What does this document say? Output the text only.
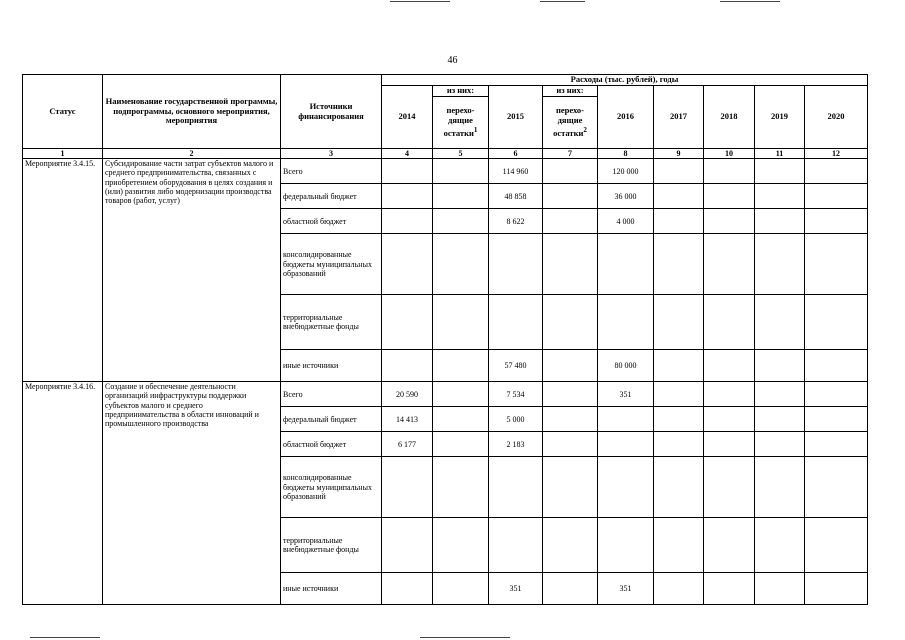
46
Статус	Наименование государственной программы, подпрограммы, основного мероприятия, мероприятия	Источники финансирования	Расходы (тыс. рублей), годы								
			2014	из них:	2015	из них:	2016	2017	2018	2019	2020
				перехо- дящие остатки$^1$		перехо- дящие остатки$^2$
1	2	3	4	5	6	7	8	9	10	11	12
Мероприятие 3.4.15.	Субсидирование части затрат субъектов малого и среднего предпринимательства, связанных с приобретением оборудования в целях создания и (или) развития либо модернизации производства товаров (работ, услуг)	Всего			114 960		120 000				
		федеральный бюджет			48 858		36 000				
		областной бюджет			8 622		4 000				
		консолидированные бюджеты муниципальных образований									
		территориальные внебюджетные фонды									
		иные источники			57 480		80 000				
Мероприятие 3.4.16.	Создание и обеспечение деятельности организаций инфраструктуры поддержки субъектов малого и среднего предпринимательства в области инноваций и промышленного производства	Всего	20 590		7 534		351				
		федеральный бюджет	14 413		5 000						
		областной бюджет	6 177		2 183						
		консолидированные бюджеты муниципальных образований									
		территориальные внебюджетные фонды									
		иные источники			351		351				
